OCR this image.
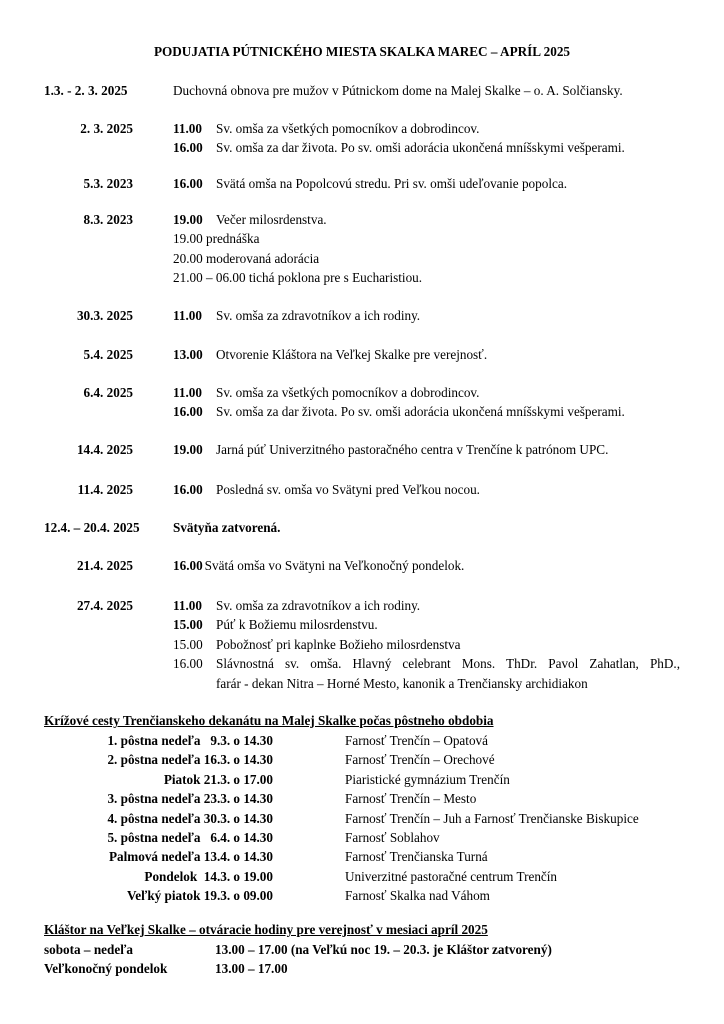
PODUJATIA PÚTNICKÉHO MIESTA SKALKA MAREC – APRÍL 2025
1.3. - 2. 3. 2025	Duchovná obnova pre mužov v Pútnickom dome na Malej Skalke – o. A. Solčiansky.
2. 3. 2025	11.00 Sv. omša za všetkých pomocníkov a dobrodincov.
16.00 Sv. omša za dar života. Po sv. omši adorácia ukončená mníšskymi vešperami.
5.3. 2023	16.00 Svätá omša na Popolcovú stredu. Pri sv. omši udeľovanie popolca.
8.3. 2023	19.00 Večer milosrdenstva.
19.00 prednáška
20.00 moderovaná adorácia
21.00 – 06.00 tichá poklona pre s Eucharistiou.
30.3. 2025	11.00 Sv. omša za zdravotníkov a ich rodiny.
5.4. 2025	13.00 Otvorenie Kláštora na Veľkej Skalke pre verejnosť.
6.4. 2025	11.00 Sv. omša za všetkých pomocníkov a dobrodincov.
16.00 Sv. omša za dar života. Po sv. omši adorácia ukončená mníšskymi vešperami.
14.4. 2025	19.00 Jarná púť Univerzitného pastoračného centra v Trenčíne k patrónom UPC.
11.4. 2025	16.00 Posledná sv. omša vo Svätyni pred Veľkou nocou.
12.4. – 20.4. 2025	Svätyňa zatvorená.
21.4. 2025	16.00 Svätá omša vo Svätyni na Veľkonočný pondelok.
27.4. 2025	11.00 Sv. omša za zdravotníkov a ich rodiny.
15.00 Púť k Božiemu milosrdenstvu.
15.00 Pobožnosť pri kaplnke Božieho milosrdenstva
16.00 Slávnostná sv. omša. Hlavný celebrant Mons. ThDr. Pavol Zahatlan, PhD.,
farár - dekan Nitra – Horné Mesto, kanonik a Trenčiansky archidiakon
Krížové cesty Trenčianskeho dekanátu na Malej Skalke počas pôstneho obdobia
1. pôstna nedeľa   9.3. o 14.30	Farnosť Trenčín – Opatová
2. pôstna nedeľa 16.3. o 14.30	Farnosť Trenčín – Orechové
Piatok 21.3. o 17.00	Piaristické gymnázium Trenčín
3. pôstna nedeľa 23.3. o 14.30	Farnosť Trenčín – Mesto
4. pôstna nedeľa 30.3. o 14.30	Farnosť Trenčín – Juh a Farnosť Trenčianske Biskupice
5. pôstna nedeľa   6.4. o 14.30	Farnosť Soblahov
Palmová nedeľa 13.4. o 14.30	Farnosť Trenčianska Turná
Pondelok  14.3. o 19.00	Univerzitné pastoračné centrum Trenčín
Veľký piatok 19.3. o 09.00	Farnosť Skalka nad Váhom
Kláštor na Veľkej Skalke – otváracie hodiny pre verejnosť v mesiaci apríl 2025
sobota – nedeľa	13.00 – 17.00 (na Veľkú noc 19. – 20.3. je Kláštor zatvorený)
Veľkonočný pondelok	13.00 – 17.00
